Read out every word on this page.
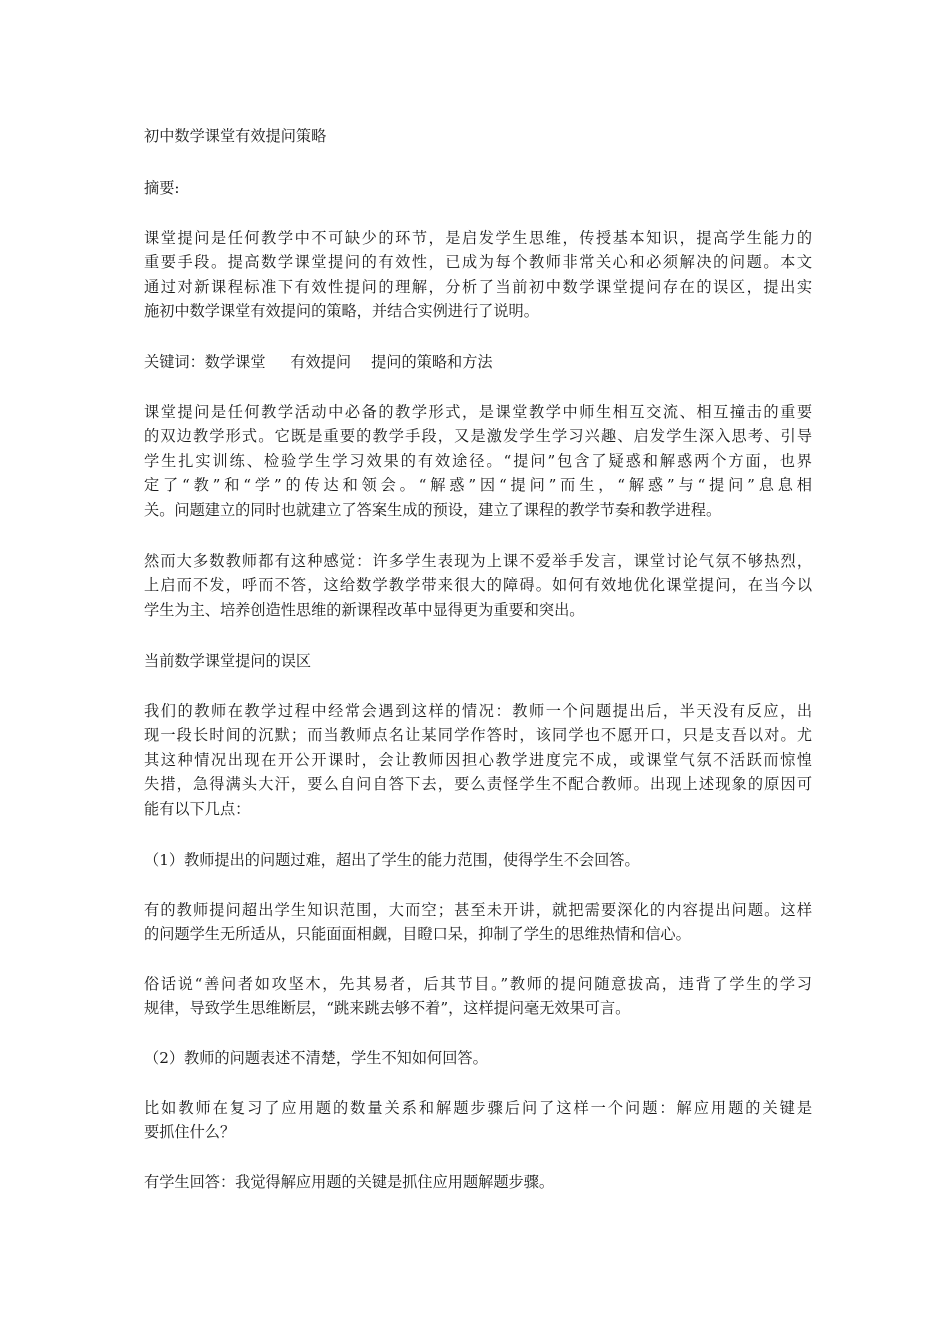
初中数学课堂有效提问策略

摘要:

课堂提问是任何教学中不可缺少的环节，是启发学生思维，传授基本知识，提高学生能力的
重要手段。提高数学课堂提问的有效性，已成为每个教师非常关心和必须解决的问题。本文
通过对新课程标准下有效性提问的理解，分析了当前初中数学课堂提问存在的误区，提出实
施初中数学课堂有效提问的策略，并结合实例进行了说明。

关键词：数学课堂　  有效提问　 提问的策略和方法

课堂提问是任何教学活动中必备的教学形式，是课堂教学中师生相互交流、相互撞击的重要
的双边教学形式。它既是重要的教学手段，又是激发学生学习兴趣、启发学生深入思考、引导
学生扎实训练、检验学生学习效果的有效途径。“提问”包含了疑惑和解惑两个方面，也界
定了“教”和“学”的传达和领会。“解惑”因“提问”而生，“解惑”与“提问”息息相
关。问题建立的同时也就建立了答案生成的预设，建立了课程的教学节奏和教学进程。

然而大多数教师都有这种感觉：许多学生表现为上课不爱举手发言，课堂讨论气氛不够热烈，
上启而不发，呼而不答，这给数学教学带来很大的障碍。如何有效地优化课堂提问，在当今以
学生为主、培养创造性思维的新课程改革中显得更为重要和突出。

当前数学课堂提问的误区

我们的教师在教学过程中经常会遇到这样的情况：教师一个问题提出后，半天没有反应，出
现一段长时间的沉默；而当教师点名让某同学作答时，该同学也不愿开口，只是支吾以对。尤
其这种情况出现在开公开课时，会让教师因担心教学进度完不成，或课堂气氛不活跃而惊惶
失措，急得满头大汗，要么自问自答下去，要么责怪学生不配合教师。出现上述现象的原因可
能有以下几点：

（1）教师提出的问题过难，超出了学生的能力范围，使得学生不会回答。

有的教师提问超出学生知识范围，大而空；甚至未开讲，就把需要深化的内容提出问题。这样
的问题学生无所适从，只能面面相觑，目瞪口呆，抑制了学生的思维热情和信心。

俗话说“善问者如攻坚木，先其易者，后其节目。”教师的提问随意拔高，违背了学生的学习
规律，导致学生思维断层，“跳来跳去够不着”，这样提问毫无效果可言。

（2）教师的问题表述不清楚，学生不知如何回答。

比如教师在复习了应用题的数量关系和解题步骤后问了这样一个问题：解应用题的关键是
要抓住什么？

有学生回答：我觉得解应用题的关键是抓住应用题解题步骤。
